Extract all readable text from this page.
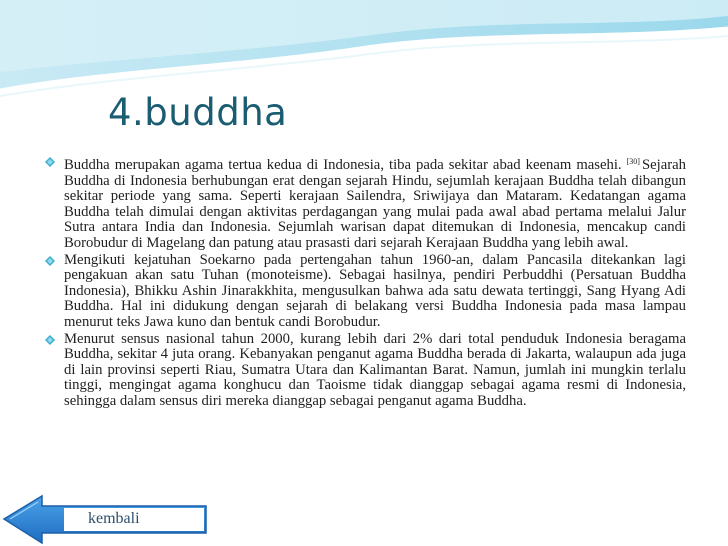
4.buddha
Buddha merupakan agama tertua kedua di Indonesia, tiba pada sekitar abad keenam masehi. [30] Sejarah Buddha di Indonesia berhubungan erat dengan sejarah Hindu, sejumlah kerajaan Buddha telah dibangun sekitar periode yang sama. Seperti kerajaan Sailendra, Sriwijaya dan Mataram. Kedatangan agama Buddha telah dimulai dengan aktivitas perdagangan yang mulai pada awal abad pertama melalui Jalur Sutra antara India dan Indonesia. Sejumlah warisan dapat ditemukan di Indonesia, mencakup candi Borobudur di Magelang dan patung atau prasasti dari sejarah Kerajaan Buddha yang lebih awal.
Mengikuti kejatuhan Soekarno pada pertengahan tahun 1960-an, dalam Pancasila ditekankan lagi pengakuan akan satu Tuhan (monoteisme). Sebagai hasilnya, pendiri Perbuddhi (Persatuan Buddha Indonesia), Bhikku Ashin Jinarakkhita, mengusulkan bahwa ada satu dewata tertinggi, Sang Hyang Adi Buddha. Hal ini didukung dengan sejarah di belakang versi Buddha Indonesia pada masa lampau menurut teks Jawa kuno dan bentuk candi Borobudur.
Menurut sensus nasional tahun 2000, kurang lebih dari 2% dari total penduduk Indonesia beragama Buddha, sekitar 4 juta orang. Kebanyakan penganut agama Buddha berada di Jakarta, walaupun ada juga di lain provinsi seperti Riau, Sumatra Utara dan Kalimantan Barat. Namun, jumlah ini mungkin terlalu tinggi, mengingat agama konghucu dan Taoisme tidak dianggap sebagai agama resmi di Indonesia, sehingga dalam sensus diri mereka dianggap sebagai penganut agama Buddha.
kembali
